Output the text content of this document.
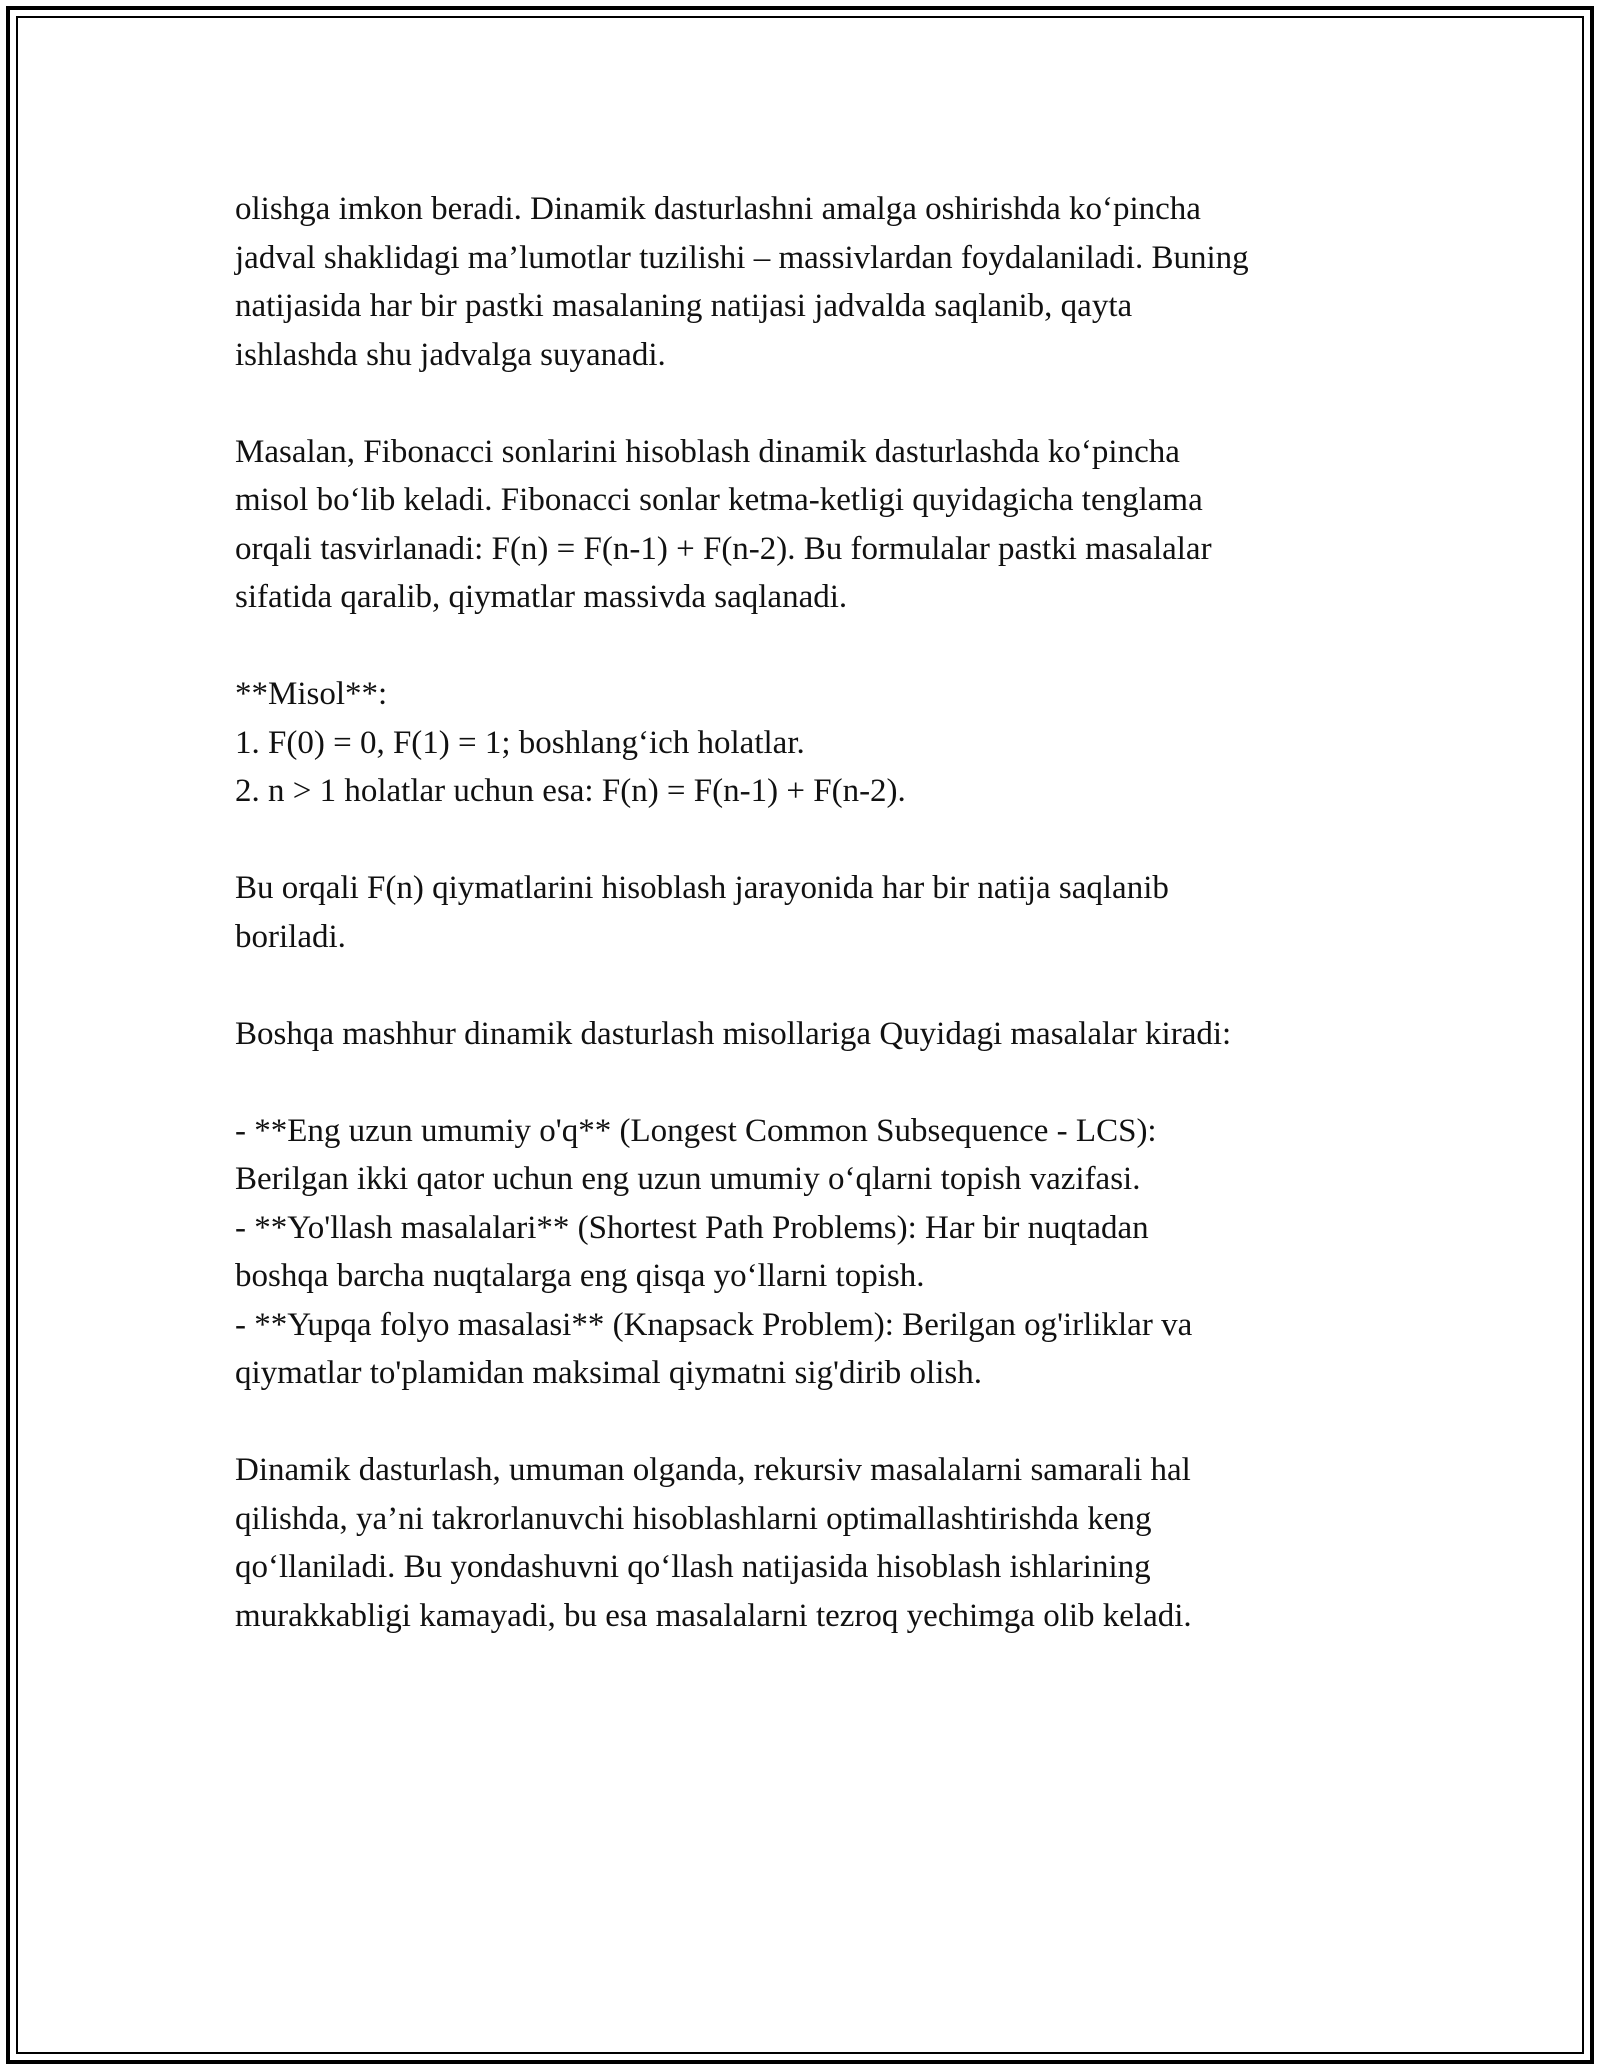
olishga imkon beradi. Dinamik dasturlashni amalga oshirishda ko‘pincha
jadval shaklidagi ma’lumotlar tuzilishi – massivlardan foydalaniladi. Buning
natijasida har bir pastki masalaning natijasi jadvalda saqlanib, qayta
ishlashda shu jadvalga suyanadi.

Masalan, Fibonacci sonlarini hisoblash dinamik dasturlashda ko‘pincha
misol bo‘lib keladi. Fibonacci sonlar ketma-ketligi quyidagicha tenglama
orqali tasvirlanadi: F(n) = F(n-1) + F(n-2). Bu formulalar pastki masalalar
sifatida qaralib, qiymatlar massivda saqlanadi.

**Misol**:
1. F(0) = 0, F(1) = 1; boshlang‘ich holatlar.
2. n > 1 holatlar uchun esa: F(n) = F(n-1) + F(n-2).

Bu orqali F(n) qiymatlarini hisoblash jarayonida har bir natija saqlanib
boriladi.

Boshqa mashhur dinamik dasturlash misollariga Quyidagi masalalar kiradi:

- **Eng uzun umumiy o'q** (Longest Common Subsequence - LCS):
Berilgan ikki qator uchun eng uzun umumiy o‘qlarni topish vazifasi.
- **Yo'llash masalalari** (Shortest Path Problems): Har bir nuqtadan
boshqa barcha nuqtalarga eng qisqa yo‘llarni topish.
- **Yupqa folyo masalasi** (Knapsack Problem): Berilgan og'irliklar va
qiymatlar to'plamidan maksimal qiymatni sig'dirib olish.

Dinamik dasturlash, umuman olganda, rekursiv masalalarni samarali hal
qilishda, ya’ni takrorlanuvchi hisoblashlarni optimallashtirishda keng
qo‘llaniladi. Bu yondashuvni qo‘llash natijasida hisoblash ishlarining
murakkabligi kamayadi, bu esa masalalarni tezroq yechimga olib keladi.
